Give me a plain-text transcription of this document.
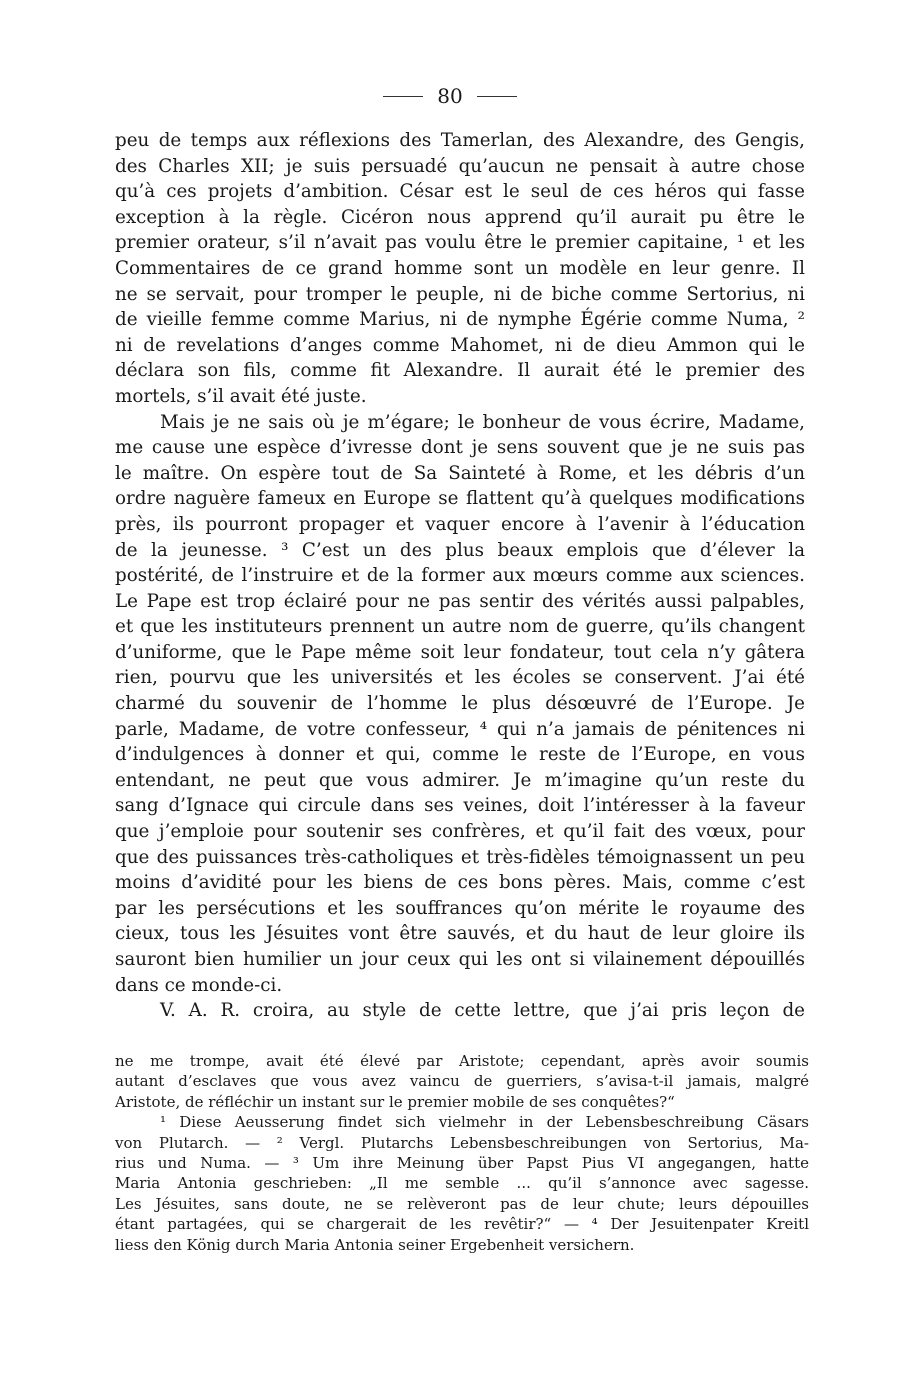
80
peu de temps aux réflexions des Tamerlan, des Alexandre, des Gengis,
des Charles XII; je suis persuadé qu’aucun ne pensait à autre chose
qu’à ces projets d’ambition. César est le seul de ces héros qui fasse
exception à la règle. Cicéron nous apprend qu’il aurait pu être le
premier orateur, s’il n’avait pas voulu être le premier capitaine, ¹ et les
Commentaires de ce grand homme sont un modèle en leur genre. Il
ne se servait, pour tromper le peuple, ni de biche comme Sertorius, ni
de vieille femme comme Marius, ni de nymphe Égérie comme Numa, ²
ni de revelations d’anges comme Mahomet, ni de dieu Ammon qui le
déclara son fils, comme fit Alexandre. Il aurait été le premier des
mortels, s’il avait été juste.
Mais je ne sais où je m’égare; le bonheur de vous écrire, Madame,
me cause une espèce d’ivresse dont je sens souvent que je ne suis pas
le maître. On espère tout de Sa Sainteté à Rome, et les débris d’un
ordre naguère fameux en Europe se flattent qu’à quelques modifications
près, ils pourront propager et vaquer encore à l’avenir à l’éducation
de la jeunesse. ³ C’est un des plus beaux emplois que d’élever la
postérité, de l’instruire et de la former aux mœurs comme aux sciences.
Le Pape est trop éclairé pour ne pas sentir des vérités aussi palpables,
et que les instituteurs prennent un autre nom de guerre, qu’ils changent
d’uniforme, que le Pape même soit leur fondateur, tout cela n’y gâtera
rien, pourvu que les universités et les écoles se conservent. J’ai été
charmé du souvenir de l’homme le plus désœuvré de l’Europe. Je
parle, Madame, de votre confesseur, ⁴ qui n’a jamais de pénitences ni
d’indulgences à donner et qui, comme le reste de l’Europe, en vous
entendant, ne peut que vous admirer. Je m’imagine qu’un reste du
sang d’Ignace qui circule dans ses veines, doit l’intéresser à la faveur
que j’emploie pour soutenir ses confrères, et qu’il fait des vœux, pour
que des puissances très-catholiques et très-fidèles témoignassent un peu
moins d’avidité pour les biens de ces bons pères. Mais, comme c’est
par les persécutions et les souffrances qu’on mérite le royaume des
cieux, tous les Jésuites vont être sauvés, et du haut de leur gloire ils
sauront bien humilier un jour ceux qui les ont si vilainement dépouillés
dans ce monde-ci.
V. A. R. croira, au style de cette lettre, que j’ai pris leçon de
ne me trompe, avait été élevé par Aristote; cependant, après avoir soumis
autant d’esclaves que vous avez vaincu de guerriers, s’avisa-t-il jamais, malgré
Aristote, de réfléchir un instant sur le premier mobile de ses conquêtes?“
¹ Diese Aeusserung findet sich vielmehr in der Lebensbeschreibung Cäsars
von Plutarch. — ² Vergl. Plutarchs Lebensbeschreibungen von Sertorius, Ma-
rius und Numa. — ³ Um ihre Meinung über Papst Pius VI angegangen, hatte
Maria Antonia geschrieben: „Il me semble ... qu’il s’annonce avec sagesse.
Les Jésuites, sans doute, ne se relèveront pas de leur chute; leurs dépouilles
étant partagées, qui se chargerait de les revêtir?“ — ⁴ Der Jesuitenpater Kreitl
liess den König durch Maria Antonia seiner Ergebenheit versichern.
